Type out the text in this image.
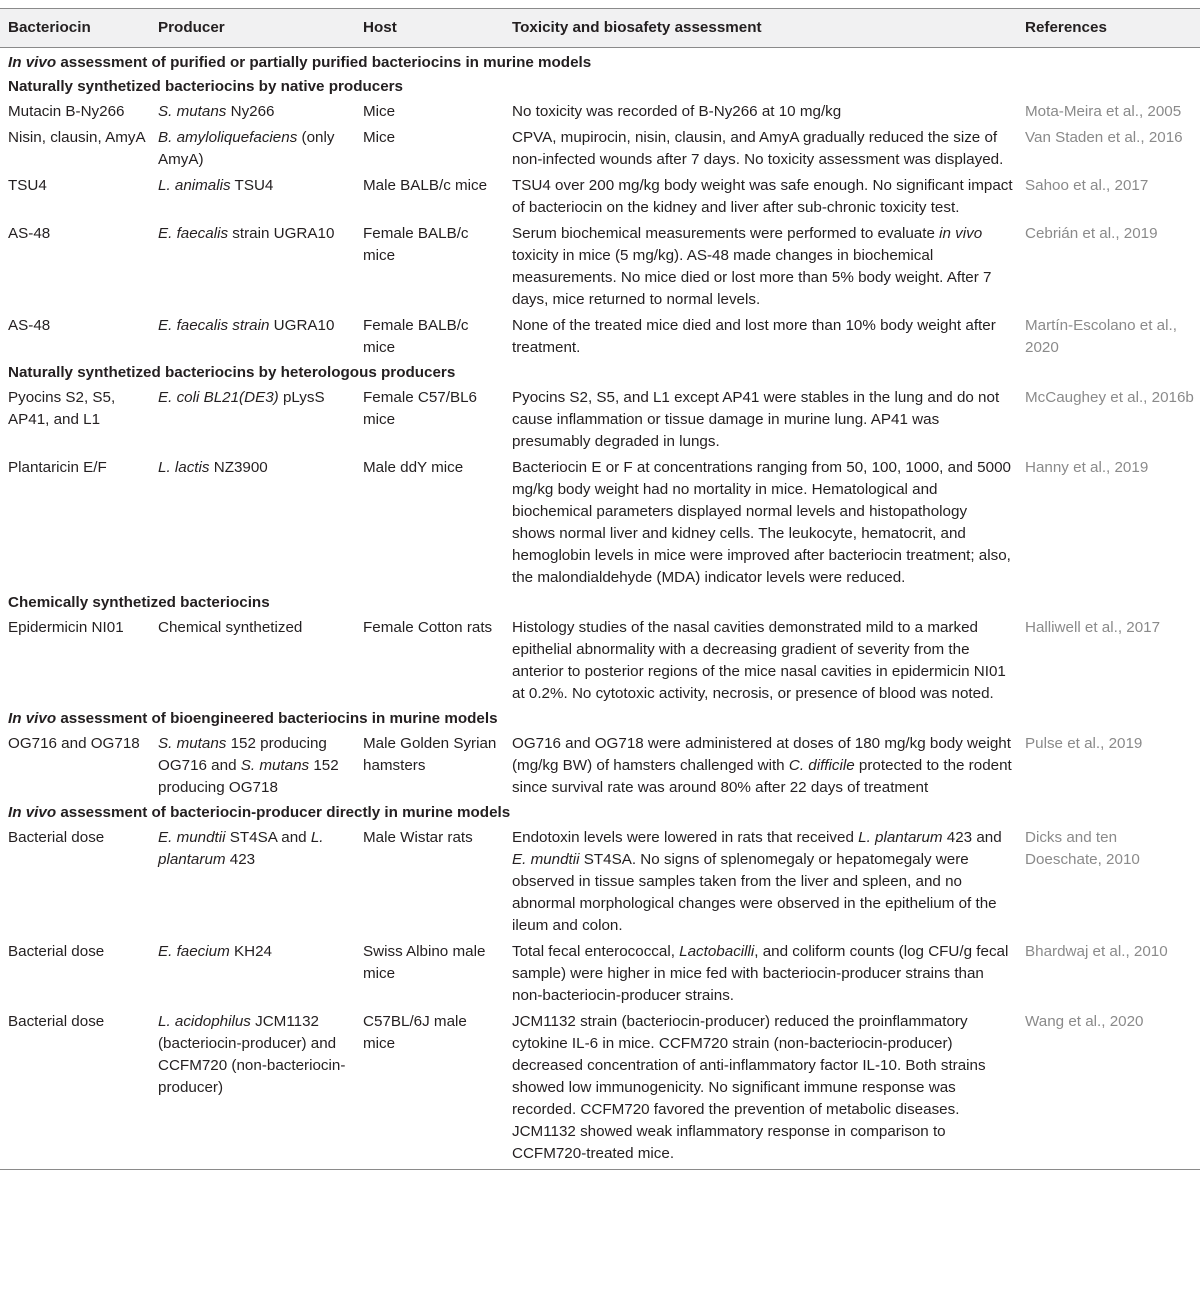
Bacteriocin	Producer	Host	Toxicity and biosafety assessment	References
In vivo assessment of purified or partially purified bacteriocins in murine models				
Naturally synthetized bacteriocins by native producers				
Mutacin B-Ny266	S. mutans Ny266	Mice	No toxicity was recorded of B-Ny266 at 10 mg/kg	Mota-Meira et al., 2005
Nisin, clausin, AmyA	B. amyloliquefaciens (only AmyA)	Mice	CPVA, mupirocin, nisin, clausin, and AmyA gradually reduced the size of non-infected wounds after 7 days. No toxicity assessment was displayed.	Van Staden et al., 2016
TSU4	L. animalis TSU4	Male BALB/c mice	TSU4 over 200 mg/kg body weight was safe enough. No significant impact of bacteriocin on the kidney and liver after sub-chronic toxicity test.	Sahoo et al., 2017
AS-48	E. faecalis strain UGRA10	Female BALB/c mice	Serum biochemical measurements were performed to evaluate in vivo toxicity in mice (5 mg/kg). AS-48 made changes in biochemical measurements. No mice died or lost more than 5% body weight. After 7 days, mice returned to normal levels.	Cebrián et al., 2019
AS-48	E. faecalis strain UGRA10	Female BALB/c mice	None of the treated mice died and lost more than 10% body weight after treatment.	Martín-Escolano et al., 2020
Naturally synthetized bacteriocins by heterologous producers				
Pyocins S2, S5, AP41, and L1	E. coli BL21(DE3) pLysS	Female C57/BL6 mice	Pyocins S2, S5, and L1 except AP41 were stables in the lung and do not cause inflammation or tissue damage in murine lung. AP41 was presumably degraded in lungs.	McCaughey et al., 2016b
Plantaricin E/F	L. lactis NZ3900	Male ddY mice	Bacteriocin E or F at concentrations ranging from 50, 100, 1000, and 5000 mg/kg body weight had no mortality in mice. Hematological and biochemical parameters displayed normal levels and histopathology shows normal liver and kidney cells. The leukocyte, hematocrit, and hemoglobin levels in mice were improved after bacteriocin treatment; also, the malondialdehyde (MDA) indicator levels were reduced.	Hanny et al., 2019
Chemically synthetized bacteriocins				
Epidermicin NI01	Chemical synthetized	Female Cotton rats	Histology studies of the nasal cavities demonstrated mild to a marked epithelial abnormality with a decreasing gradient of severity from the anterior to posterior regions of the mice nasal cavities in epidermicin NI01 at 0.2%. No cytotoxic activity, necrosis, or presence of blood was noted.	Halliwell et al., 2017
In vivo assessment of bioengineered bacteriocins in murine models				
OG716 and OG718	S. mutans 152 producing OG716 and S. mutans 152 producing OG718	Male Golden Syrian hamsters	OG716 and OG718 were administered at doses of 180 mg/kg body weight (mg/kg BW) of hamsters challenged with C. difficile protected to the rodent since survival rate was around 80% after 22 days of treatment	Pulse et al., 2019
In vivo assessment of bacteriocin-producer directly in murine models				
Bacterial dose	E. mundtii ST4SA and L. plantarum 423	Male Wistar rats	Endotoxin levels were lowered in rats that received L. plantarum 423 and E. mundtii ST4SA. No signs of splenomegaly or hepatomegaly were observed in tissue samples taken from the liver and spleen, and no abnormal morphological changes were observed in the epithelium of the ileum and colon.	Dicks and ten Doeschate, 2010
Bacterial dose	E. faecium KH24	Swiss Albino male mice	Total fecal enterococcal, Lactobacilli, and coliform counts (log CFU/g fecal sample) were higher in mice fed with bacteriocin-producer strains than non-bacteriocin-producer strains.	Bhardwaj et al., 2010
Bacterial dose	L. acidophilus JCM1132 (bacteriocin-producer) and CCFM720 (non-bacteriocin-producer)	C57BL/6J male mice	JCM1132 strain (bacteriocin-producer) reduced the proinflammatory cytokine IL-6 in mice. CCFM720 strain (non-bacteriocin-producer) decreased concentration of anti-inflammatory factor IL-10. Both strains showed low immunogenicity. No significant immune response was recorded. CCFM720 favored the prevention of metabolic diseases. JCM1132 showed weak inflammatory response in comparison to CCFM720-treated mice.	Wang et al., 2020
